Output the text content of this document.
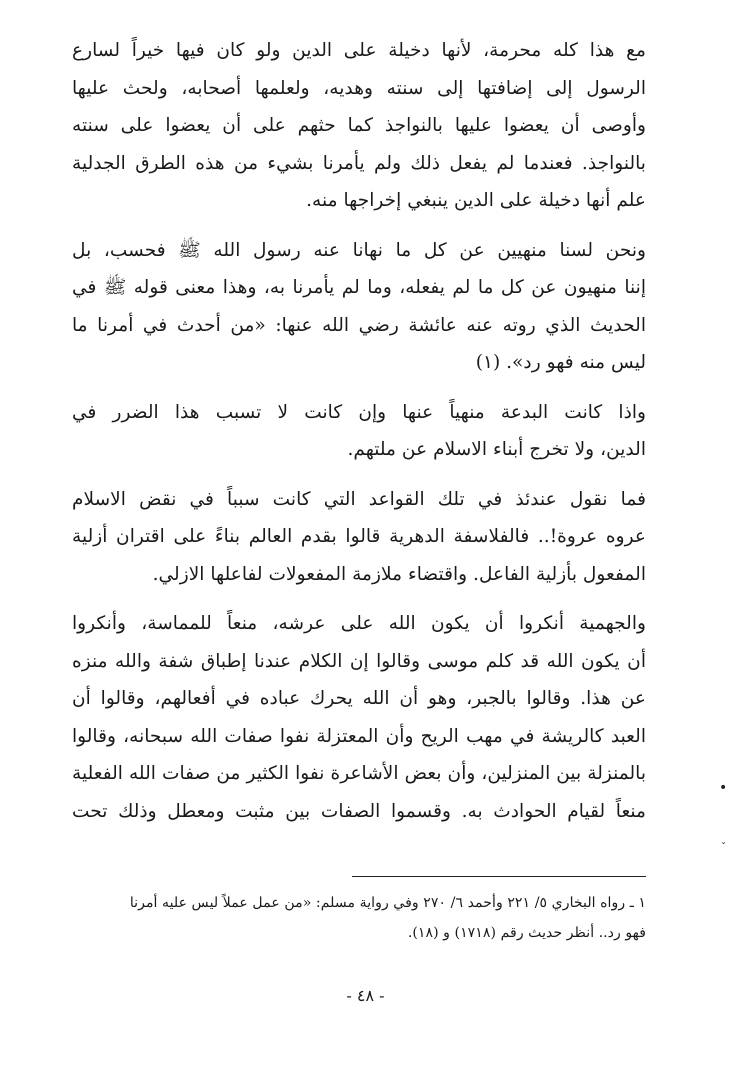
مع هذا كله محرمة، لأنها دخيلة على الدين ولو كان فيها خيراً لسارع
الرسول إلى إضافتها إلى سنته وهديه، ولعلمها أصحابه، ولحث عليها
وأوصى أن يعضوا عليها بالنواجذ كما حثهم على أن يعضوا على سنته
بالنواجذ. فعندما لم يفعل ذلك ولم يأمرنا بشيء من هذه الطرق الجدلية
علم أنها دخيلة على الدين ينبغي إخراجها منه.

ونحن لسنا منهيين عن كل ما نهانا عنه رسول الله ﷺ فحسب، بل
إننا منهيون عن كل ما لم يفعله، وما لم يأمرنا به، وهذا معنى قوله ﷺ في
الحديث الذي روته عنه عائشة رضي الله عنها: «من أحدث في أمرنا ما
ليس منه فهو رد». (١)

واذا كانت البدعة منهياً عنها وإن كانت لا تسبب هذا الضرر في
الدين، ولا تخرج أبناء الاسلام عن ملتهم.

فما نقول عندئذ في تلك القواعد التي كانت سبباً في نقض الاسلام
عروه عروة!.. فالفلاسفة الدهرية قالوا بقدم العالم بناءً على اقتران أزلية
المفعول بأزلية الفاعل. واقتضاء ملازمة المفعولات لفاعلها الازلي.

والجهمية أنكروا أن يكون الله على عرشه، منعاً للمماسة، وأنكروا
أن يكون الله قد كلم موسى وقالوا إن الكلام عندنا إطباق شفة والله منزه
عن هذا. وقالوا بالجبر، وهو أن الله يحرك عباده في أفعالهم، وقالوا أن
العبد كالريشة في مهب الريح وأن المعتزلة نفوا صفات الله سبحانه، وقالوا
بالمنزلة بين المنزلين، وأن بعض الأشاعرة نفوا الكثير من صفات الله الفعلية
منعاً لقيام الحوادث به. وقسموا الصفات بين مثبت ومعطل وذلك تحت

١ ـ رواه البخاري ٥/ ٢٢١ وأحمد ٦/ ٢٧٠ وفي رواية مسلم: «من عمل عملاً ليس عليه أمرنا
فهو رد.. أنظر حديث رقم (١٧١٨) و (١٨).
- ٤٨ -
•
ˇ
